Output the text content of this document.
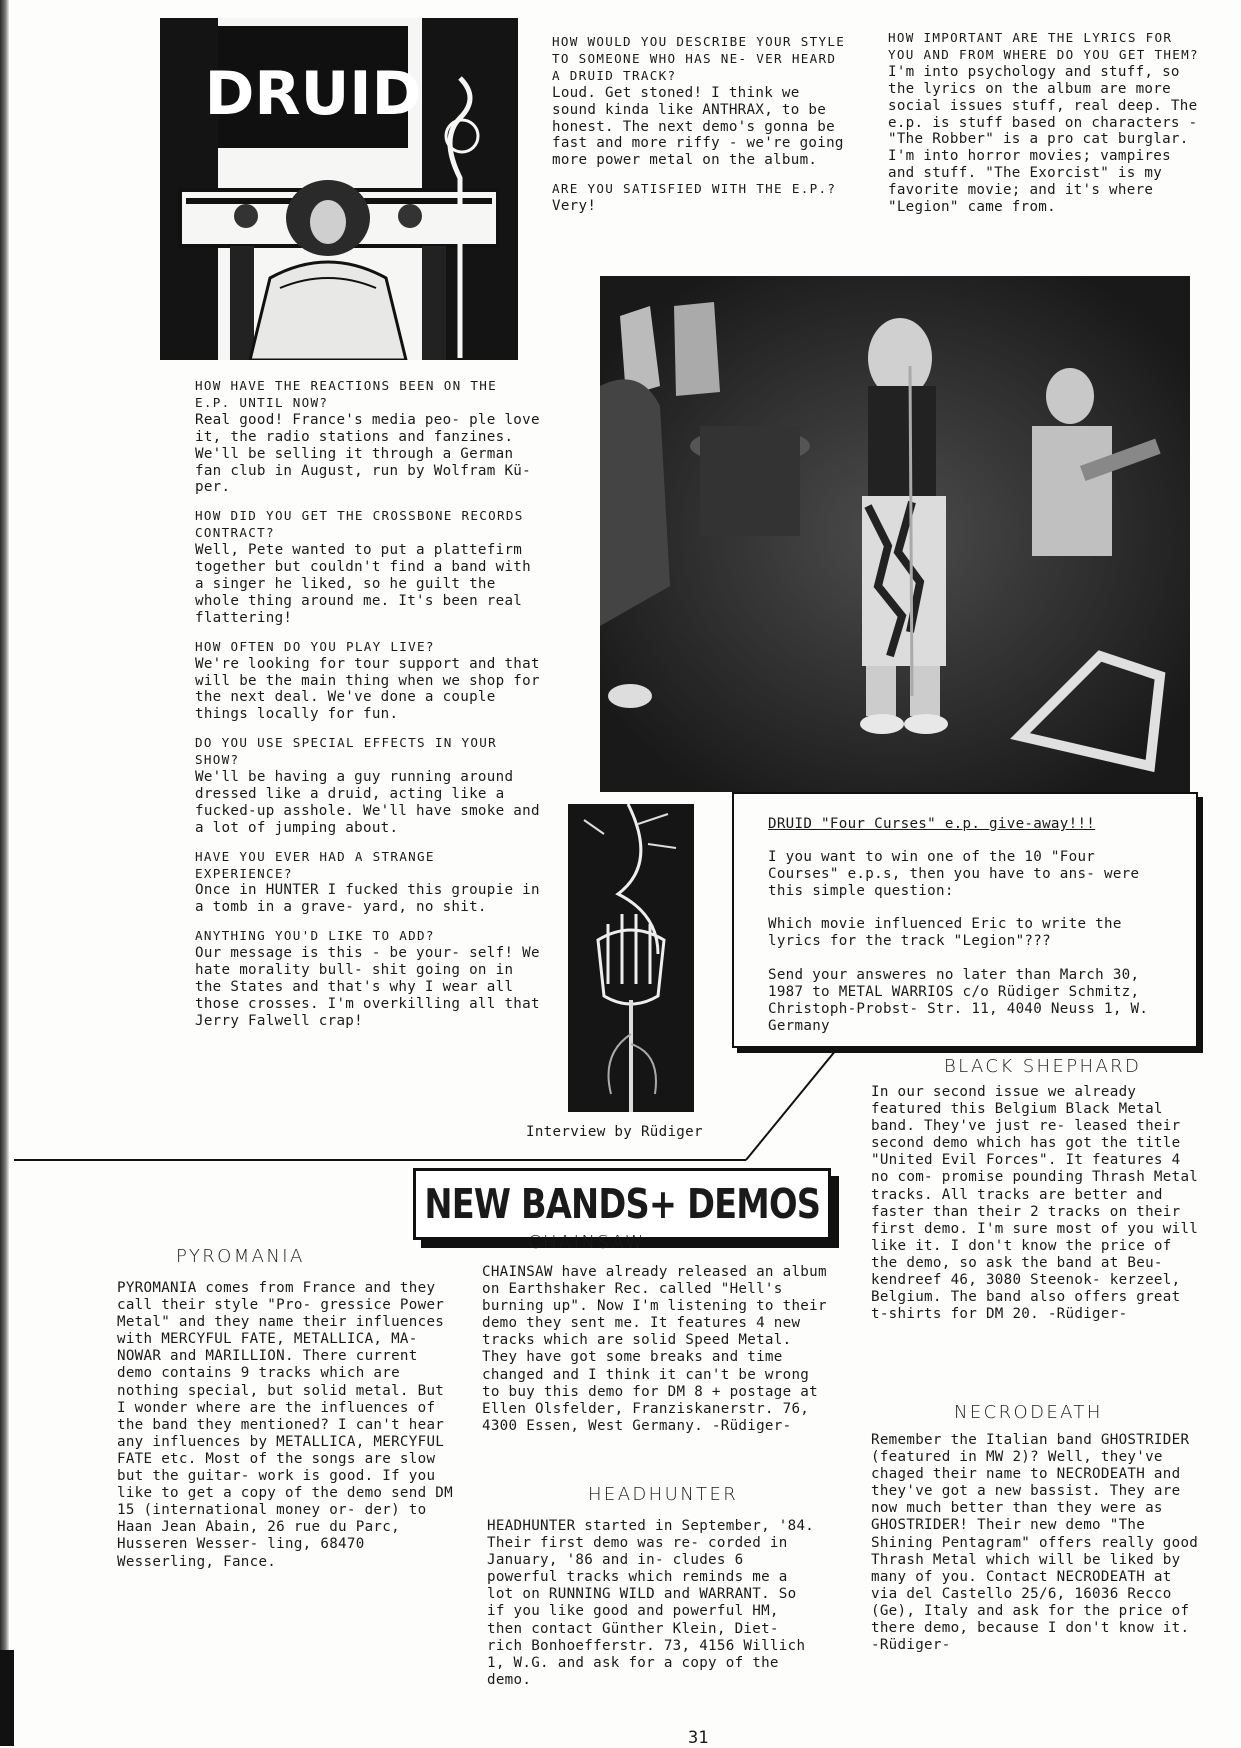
DRUID
HOW WOULD YOU DESCRIBE YOUR STYLE TO SOMEONE WHO HAS NE- VER HEARD A DRUID TRACK?
Loud. Get stoned! I think we sound kinda like ANTHRAX, to be honest. The next demo's gonna be fast and more riffy - we're going more power metal on the album.
ARE YOU SATISFIED WITH THE E.P.?
Very!
HOW IMPORTANT ARE THE LYRICS FOR YOU AND FROM WHERE DO YOU GET THEM?
I'm into psychology and stuff, so the lyrics on the album are more social issues stuff, real deep. The e.p. is stuff based on characters - "The Robber" is a pro cat burglar. I'm into horror movies; vampires and stuff. "The Exorcist" is my favorite movie; and it's where "Legion" came from.
HOW HAVE THE REACTIONS BEEN ON THE E.P. UNTIL NOW?
Real good! France's media peo- ple love it, the radio stations and fanzines. We'll be selling it through a German fan club in August, run by Wolfram Kü- per.
HOW DID YOU GET THE CROSSBONE RECORDS CONTRACT?
Well, Pete wanted to put a plattefirm together but couldn't find a band with a singer he liked, so he guilt the whole thing around me. It's been real flattering!
HOW OFTEN DO YOU PLAY LIVE?
We're looking for tour support and that will be the main thing when we shop for the next deal. We've done a couple things locally for fun.
DO YOU USE SPECIAL EFFECTS IN YOUR SHOW?
We'll be having a guy running around dressed like a druid, acting like a fucked-up asshole. We'll have smoke and a lot of jumping about.
HAVE YOU EVER HAD A STRANGE EXPERIENCE?
Once in HUNTER I fucked this groupie in a tomb in a grave- yard, no shit.
ANYTHING YOU'D LIKE TO ADD?
Our message is this - be your- self! We hate morality bull- shit going on in the States and that's why I wear all those crosses. I'm overkilling all that Jerry Falwell crap!
DRUID "Four Curses" e.p. give-away!!!
I you want to win one of the 10 "Four Courses" e.p.s, then you have to ans- were this simple question:
Which movie influenced Eric to write the lyrics for the track "Legion"???
Send your answeres no later than March 30, 1987 to METAL WARRIOS c/o Rüdiger Schmitz, Christoph-Probst- Str. 11, 4040 Neuss 1, W. Germany
Interview by Rüdiger
NEW BANDS+ DEMOS
PYROMANIA
PYROMANIA comes from France and they call their style "Pro- gressice Power Metal" and they name their influences with MERCYFUL FATE, METALLICA, MA- NOWAR and MARILLION. There current demo contains 9 tracks which are nothing special, but solid metal. But I wonder where are the influences of the band they mentioned? I can't hear any influences by METALLICA, MERCYFUL FATE etc. Most of the songs are slow but the guitar- work is good. If you like to get a copy of the demo send DM 15 (international money or- der) to Haan Jean Abain, 26 rue du Parc, Husseren Wesser- ling, 68470 Wesserling, Fance.
CHAINSAW
CHAINSAW have already released an album on Earthshaker Rec. called "Hell's burning up". Now I'm listening to their demo they sent me. It features 4 new tracks which are solid Speed Metal. They have got some breaks and time changed and I think it can't be wrong to buy this demo for DM 8 + postage at Ellen Olsfelder, Franziskanerstr. 76, 4300 Essen, West Germany. -Rüdiger-
HEADHUNTER
HEADHUNTER started in September, '84. Their first demo was re- corded in January, '86 and in- cludes 6 powerful tracks which reminds me a lot on RUNNING WILD and WARRANT. So if you like good and powerful HM, then contact Günther Klein, Diet- rich Bonhoefferstr. 73, 4156 Willich 1, W.G. and ask for a copy of the demo.
BLACK SHEPHARD
In our second issue we already featured this Belgium Black Metal band. They've just re- leased their second demo which has got the title "United Evil Forces". It features 4 no com- promise pounding Thrash Metal tracks. All tracks are better and faster than their 2 tracks on their first demo. I'm sure most of you will like it. I don't know the price of the demo, so ask the band at Beu- kendreef 46, 3080 Steenok- kerzeel, Belgium. The band also offers great t-shirts for DM 20. -Rüdiger-
NECRODEATH
Remember the Italian band GHOSTRIDER (featured in MW 2)? Well, they've chaged their name to NECRODEATH and they've got a new bassist. They are now much better than they were as GHOSTRIDER! Their new demo "The Shining Pentagram" offers really good Thrash Metal which will be liked by many of you. Contact NECRODEATH at via del Castello 25/6, 16036 Recco (Ge), Italy and ask for the price of there demo, because I don't know it. -Rüdiger-
31
